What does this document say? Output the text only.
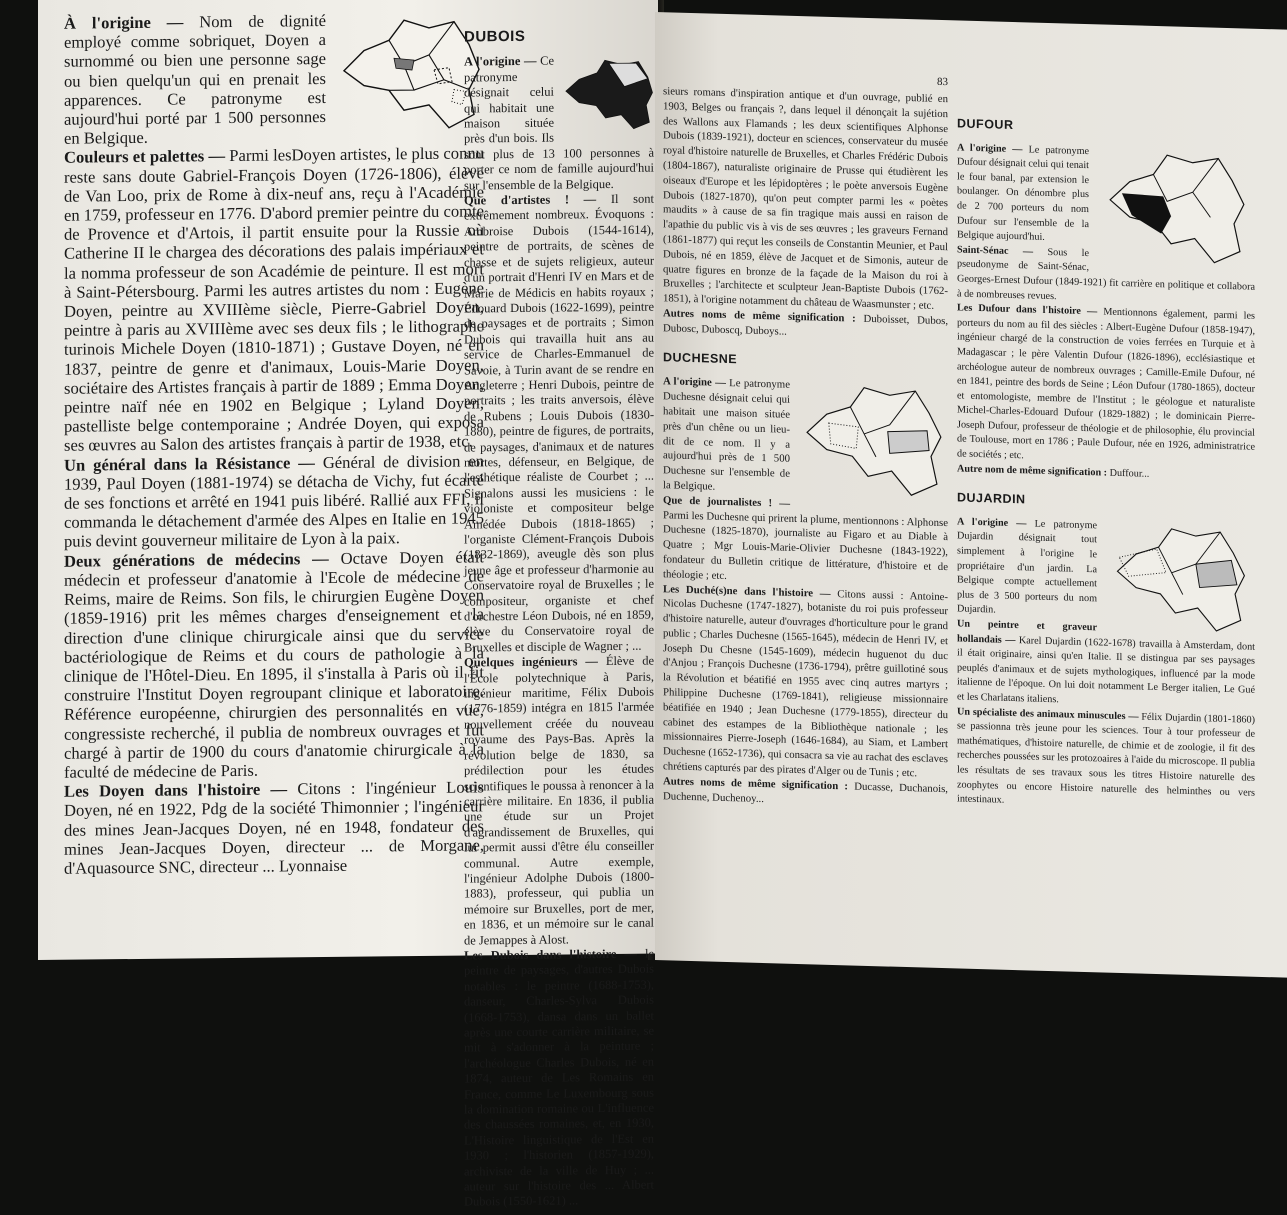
À l'origine — Nom de dignité employé comme sobriquet, Doyen a surnommé ou bien une personne sage ou bien quelqu'un qui en prenait les apparences. Ce patronyme est aujourd'hui porté par 1 500 personnes en Belgique.

Couleurs et palettes — Parmi lesDoyen artistes, le plus connu reste sans doute Gabriel-François Doyen (1726-1806), élève de Van Loo, prix de Rome à dix-neuf ans, reçu à l'Académie en 1759, professeur en 1776. D'abord premier peintre du comte de Provence et d'Artois, il partit ensuite pour la Russie où Catherine II le chargea des décorations des palais impériaux et la nomma professeur de son Académie de peinture. Il est mort à Saint-Pétersbourg. Parmi les autres artistes du nom : Eugène Doyen, peintre au XVIIIème siècle, Pierre-Gabriel Doyen, peintre à paris au XVIIIème avec ses deux fils ; le lithographe turinois Michele Doyen (1810-1871) ; Gustave Doyen, né en 1837, peintre de genre et d'animaux, Louis-Marie Doyen, sociétaire des Artistes français à partir de 1889 ; Emma Doyen, peintre naïf née en 1902 en Belgique ; Lyland Doyen, pastelliste belge contemporaine ; Andrée Doyen, qui exposa ses œuvres au Salon des artistes français à partir de 1938, etc.

Un général dans la Résistance — Général de division en 1939, Paul Doyen (1881-1974) se détacha de Vichy, fut écarté de ses fonctions et arrêté en 1941 puis libéré. Rallié aux FFI, il commanda le détachement d'armée des Alpes en Italie en 1945 puis devint gouverneur militaire de Lyon à la paix.

Deux générations de médecins — Octave Doyen était médecin et professeur d'anatomie à l'Ecole de médecine de Reims, maire de Reims. Son fils, le chirurgien Eugène Doyen (1859-1916) prit les mêmes charges d'enseignement et la direction d'une clinique chirurgicale ainsi que du service bactériologique de Reims et du cours de pathologie à la clinique de l'Hôtel-Dieu. En 1895, il s'installa à Paris où il fit construire l'Institut Doyen regroupant clinique et laboratoire. Référence européenne, chirurgien des personnalités en vue, congressiste recherché, il publia de nombreux ouvrages et fut chargé à partir de 1900 du cours d'anatomie chirurgicale à la faculté de médecine de Paris.

Les Doyen dans l'histoire — Citons : l'ingénieur Louis Doyen, né en 1922, Pdg de la société Thimonnier ; l'ingénieur des mines Jean-Jacques Doyen, né en 1948, fondateur des mines Jean-Jacques Doyen, directeur ... de Morgane, d'Aquasource SNC, directeur ... Lyonnaise

DUBOIS

A l'origine — Ce patronyme désignait celui qui habitait une maison située près d'un bois. Ils sont plus de 13 100 personnes à porter ce nom de famille aujourd'hui sur l'ensemble de la Belgique.

Que d'artistes ! — Il sont extrêmement nombreux. Évoquons : Ambroise Dubois (1544-1614), peintre de portraits, de scènes de chasse et de sujets religieux, auteur d'un portrait d'Henri IV en Mars et de Marie de Médicis en habits royaux ; Édouard Dubois (1622-1699), peintre de paysages et de portraits ; Simon Dubois qui travailla huit ans au service de Charles-Emmanuel de Savoie, à Turin avant de se rendre en Angleterre ; Henri Dubois, peintre de portraits ; les traits anversois, élève de Rubens ; Louis Dubois (1830-1880), peintre de figures, de portraits, de paysages, d'animaux et de natures mortes, défenseur, en Belgique, de l'esthétique réaliste de Courbet ; ... Signalons aussi les musiciens : le violoniste et compositeur belge Amédée Dubois (1818-1865) ; l'organiste Clément-François Dubois (1832-1869), aveugle dès son plus jeune âge et professeur d'harmonie au Conservatoire royal de Bruxelles ; le compositeur, organiste et chef d'orchestre Léon Dubois, né en 1859, élève du Conservatoire royal de Bruxelles et disciple de Wagner ; ...

Quelques ingénieurs — Élève de l'École polytechnique à Paris, ingénieur maritime, Félix Dubois (1776-1859) intégra en 1815 l'armée nouvellement créée du nouveau royaume des Pays-Bas. Après la révolution belge de 1830, sa prédilection pour les études scientifiques le poussa à renoncer à la carrière militaire. En 1836, il publia une étude sur un Projet d'agrandissement de Bruxelles, qui lui permit aussi d'être élu conseiller communal. Autre exemple, l'ingénieur Adolphe Dubois (1800-1883), professeur, qui publia un mémoire sur Bruxelles, port de mer, en 1836, et un mémoire sur le canal de Jemappes à Alost.

Les Dubois dans l'histoire — le peintre de paysages, d'autres Dubois notables : le peintre (1688-1753), danseur, Charles-Sylva Dubois (1668-1753), dansa dans un ballet après une courte carrière militaire, se mit à s'adonner à la peinture ; l'archéologue Charles Dubois, né en 1874, auteur de Les Romains en France, comme Le Luxembourg sous la domination romaine ou L'influence des chaussées romaines, et, en 1930, L'Histoire linguistique de l'Est en 1930 ; l'historien (1857-1929), archiviste de la ville de Huy ; ... auteur sur l'histoire des ... Albert Dubois (1550-1621) ...

83

sieurs romans d'inspiration antique et d'un ouvrage, publié en 1903, Belges ou français ?, dans lequel il dénonçait la sujétion des Wallons aux Flamands ; les deux scientifiques Alphonse Dubois (1839-1921), docteur en sciences, conservateur du musée royal d'histoire naturelle de Bruxelles, et Charles Frédéric Dubois (1804-1867), naturaliste originaire de Prusse qui étudièrent les oiseaux d'Europe et les lépidoptères ; le poète anversois Eugène Dubois (1827-1870), qu'on peut compter parmi les « poètes maudits » à cause de sa fin tragique mais aussi en raison de l'apathie du public vis à vis de ses œuvres ; les graveurs Fernand (1861-1877) qui reçut les conseils de Constantin Meunier, et Paul Dubois, né en 1859, élève de Jacquet et de Simonis, auteur de quatre figures en bronze de la façade de la Maison du roi à Bruxelles ; l'architecte et sculpteur Jean-Baptiste Dubois (1762-1851), à l'origine notamment du château de Waasmunster ; etc.

Autres noms de même signification : Duboisset, Dubos, Dubosc, Duboscq, Duboys...

DUCHESNE

A l'origine — Le patronyme Duchesne désignait celui qui habitait une maison située près d'un chêne ou un lieu-dit de ce nom. Il y a aujourd'hui près de 1 500 Duchesne sur l'ensemble de la Belgique.

Que de journalistes ! — Parmi les Duchesne qui prirent la plume, mentionnons : Alphonse Duchesne (1825-1870), journaliste au Figaro et au Diable à Quatre ; Mgr Louis-Marie-Olivier Duchesne (1843-1922), fondateur du Bulletin critique de littérature, d'histoire et de théologie ; etc.

Les Duché(s)ne dans l'histoire — Citons aussi : Antoine-Nicolas Duchesne (1747-1827), botaniste du roi puis professeur d'histoire naturelle, auteur d'ouvrages d'horticulture pour le grand public ; Charles Duchesne (1565-1645), médecin de Henri IV, et Joseph Du Chesne (1545-1609), médecin huguenot du duc d'Anjou ; François Duchesne (1736-1794), prêtre guillotiné sous la Révolution et béatifié en 1955 avec cinq autres martyrs ; Philippine Duchesne (1769-1841), religieuse missionnaire béatifiée en 1940 ; Jean Duchesne (1779-1855), directeur du cabinet des estampes de la Bibliothèque nationale ; les missionnaires Pierre-Joseph (1646-1684), au Siam, et Lambert Duchesne (1652-1736), qui consacra sa vie au rachat des esclaves chrétiens capturés par des pirates d'Alger ou de Tunis ; etc.

Autres noms de même signification : Ducasse, Duchanois, Duchenne, Duchenoy...

DUFOUR

A l'origine — Le patronyme Dufour désignait celui qui tenait le four banal, par extension le boulanger. On dénombre plus de 2 700 porteurs du nom Dufour sur l'ensemble de la Belgique aujourd'hui.

Saint-Sénac — Sous le pseudonyme de Saint-Sénac, Georges-Ernest Dufour (1849-1921) fit carrière en politique et collabora à de nombreuses revues.

Les Dufour dans l'histoire — Mentionnons également, parmi les porteurs du nom au fil des siècles : Albert-Eugène Dufour (1858-1947), ingénieur chargé de la construction de voies ferrées en Turquie et à Madagascar ; le père Valentin Dufour (1826-1896), ecclésiastique et archéologue auteur de nombreux ouvrages ; Camille-Emile Dufour, né en 1841, peintre des bords de Seine ; Léon Dufour (1780-1865), docteur et entomologiste, membre de l'Institut ; le géologue et naturaliste Michel-Charles-Edouard Dufour (1829-1882) ; le dominicain Pierre-Joseph Dufour, professeur de théologie et de philosophie, élu provincial de Toulouse, mort en 1786 ; Paule Dufour, née en 1926, administratrice de sociétés ; etc.

Autre nom de même signification : Duffour...

DUJARDIN

A l'origine — Le patronyme Dujardin désignait tout simplement à l'origine le propriétaire d'un jardin. La Belgique compte actuellement plus de 3 500 porteurs du nom Dujardin.

Un peintre et graveur hollandais — Karel Dujardin (1622-1678) travailla à Amsterdam, dont il était originaire, ainsi qu'en Italie. Il se distingua par ses paysages peuplés d'animaux et de sujets mythologiques, influencé par la mode italienne de l'époque. On lui doit notamment Le Berger italien, Le Gué et les Charlatans italiens.

Un spécialiste des animaux minuscules — Félix Dujardin (1801-1860) se passionna très jeune pour les sciences. Tour à tour professeur de mathématiques, d'histoire naturelle, de chimie et de zoologie, il fit des recherches poussées sur les protozoaires à l'aide du microscope. Il publia les résultats de ses travaux sous les titres Histoire naturelle des zoophytes ou encore Histoire naturelle des helminthes ou vers intestinaux.
